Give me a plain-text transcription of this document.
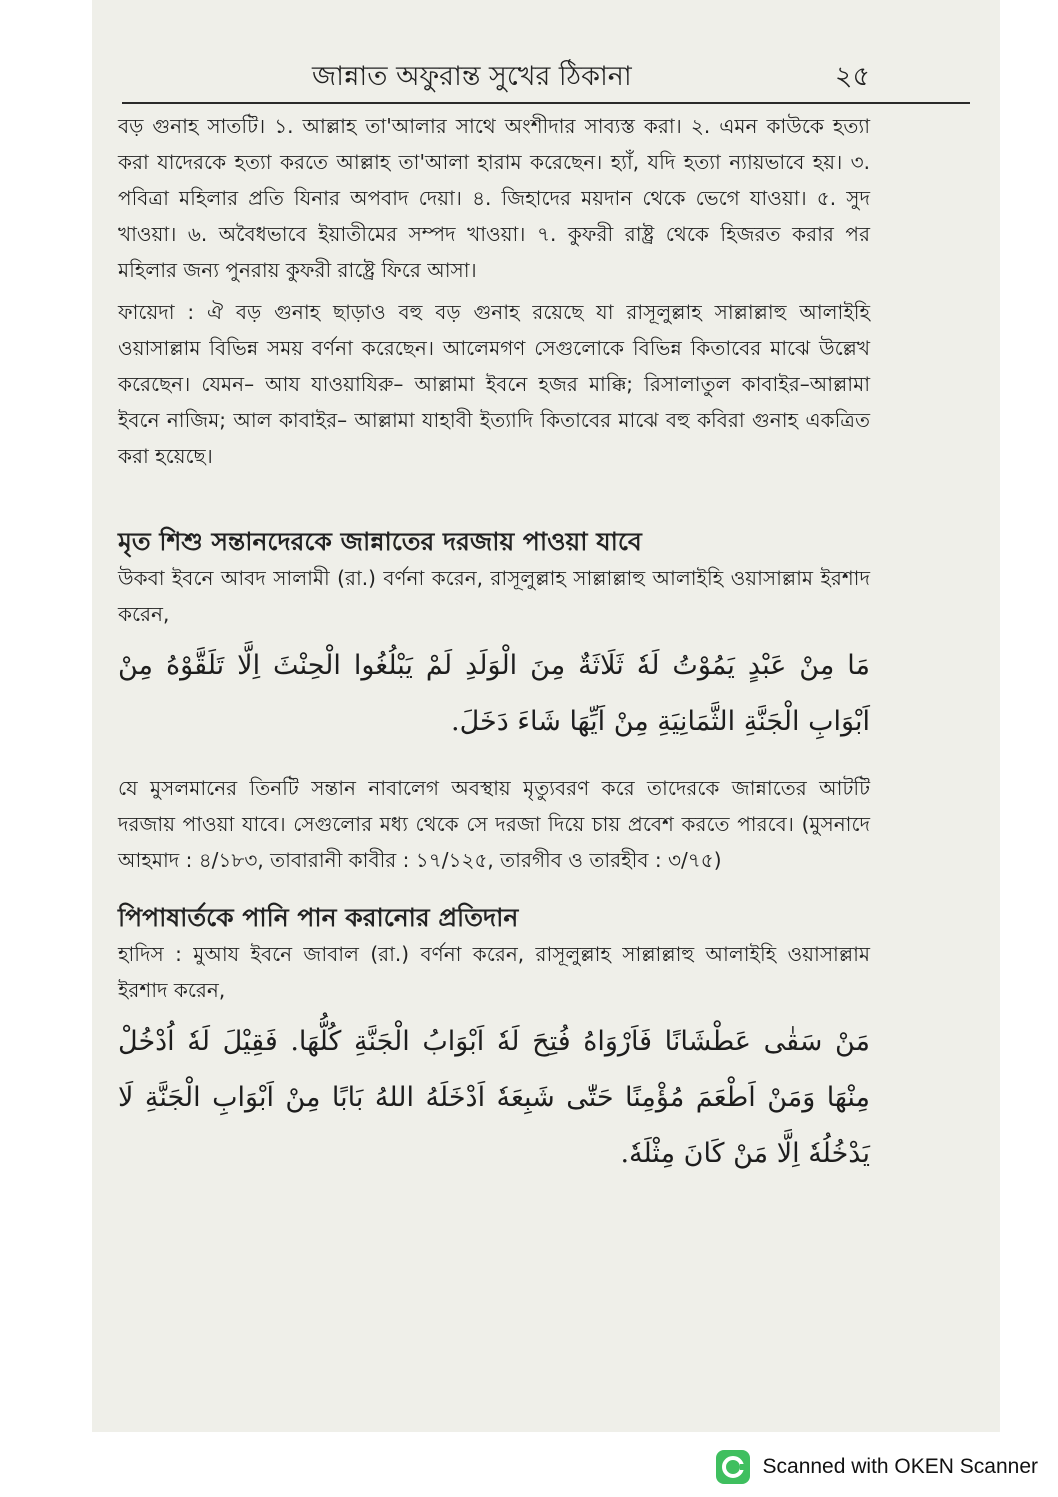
জান্নাত অফুরান্ত সুখের ঠিকানা	২৫

বড় গুনাহ সাতটি। ১. আল্লাহ তা'আলার সাথে অংশীদার সাব্যস্ত করা। ২. এমন কাউকে হত্যা করা যাদেরকে হত্যা করতে আল্লাহ তা'আলা হারাম করেছেন। হ্যাঁ, যদি হত্যা ন্যায়ভাবে হয়। ৩. পবিত্রা মহিলার প্রতি যিনার অপবাদ দেয়া। ৪. জিহাদের ময়দান থেকে ভেগে যাওয়া। ৫. সুদ খাওয়া। ৬. অবৈধভাবে ইয়াতীমের সম্পদ খাওয়া। ৭. কুফরী রাষ্ট্র থেকে হিজরত করার পর মহিলার জন্য পুনরায় কুফরী রাষ্ট্রে ফিরে আসা।

ফায়েদা : ঐ বড় গুনাহ ছাড়াও বহু বড় গুনাহ রয়েছে যা রাসূলুল্লাহ সাল্লাল্লাহু আলাইহি ওয়াসাল্লাম বিভিন্ন সময় বর্ণনা করেছেন। আলেমগণ সেগুলোকে বিভিন্ন কিতাবের মাঝে উল্লেখ করেছেন। যেমন– আয যাওয়াযিরু– আল্লামা ইবনে হজর মাক্কি; রিসালাতুল কাবাইর–আল্লামা ইবনে নাজিম; আল কাবাইর– আল্লামা যাহাবী ইত্যাদি কিতাবের মাঝে বহু কবিরা গুনাহ একত্রিত করা হয়েছে।

মৃত শিশু সন্তানদেরকে জান্নাতের দরজায় পাওয়া যাবে

উকবা ইবনে আবদ সালামী (রা.) বর্ণনা করেন, রাসূলুল্লাহ সাল্লাল্লাহু আলাইহি ওয়াসাল্লাম ইরশাদ করেন,

مَا مِنْ عَبْدٍ يَمُوْتُ لَهٗ ثَلَاثَةٌ مِنَ الْوَلَدِ لَمْ يَبْلُغُوا الْحِنْثَ اِلَّا تَلَقَّوْهُ مِنْ اَبْوَابِ الْجَنَّةِ الثَّمَانِيَةِ مِنْ اَيِّهَا شَاءَ دَخَلَ.

যে মুসলমানের তিনটি সন্তান নাবালেগ অবস্থায় মৃত্যুবরণ করে তাদেরকে জান্নাতের আটটি দরজায় পাওয়া যাবে। সেগুলোর মধ্য থেকে সে দরজা দিয়ে চায় প্রবেশ করতে পারবে। (মুসনাদে আহমাদ : ৪/১৮৩, তাবারানী কাবীর : ১৭/১২৫, তারগীব ও তারহীব : ৩/৭৫)

পিপাষার্তকে পানি পান করানোর প্রতিদান

হাদিস : মুআয ইবনে জাবাল (রা.) বর্ণনা করেন, রাসূলুল্লাহ সাল্লাল্লাহু আলাইহি ওয়াসাল্লাম ইরশাদ করেন,

مَنْ سَقٰى عَطْشَانًا فَاَرْوَاهُ فُتِحَ لَهٗ اَبْوَابُ الْجَنَّةِ كُلُّهَا. فَقِيْلَ لَهٗ اُدْخُلْ مِنْهَا وَمَنْ اَطْعَمَ مُؤْمِنًا حَتّٰى شَبِعَهٗ اَدْخَلَهُ اللهُ بَابًا مِنْ اَبْوَابِ الْجَنَّةِ لَا يَدْخُلُهٗ اِلَّا مَنْ كَانَ مِثْلَهٗ.

Scanned with OKEN Scanner
